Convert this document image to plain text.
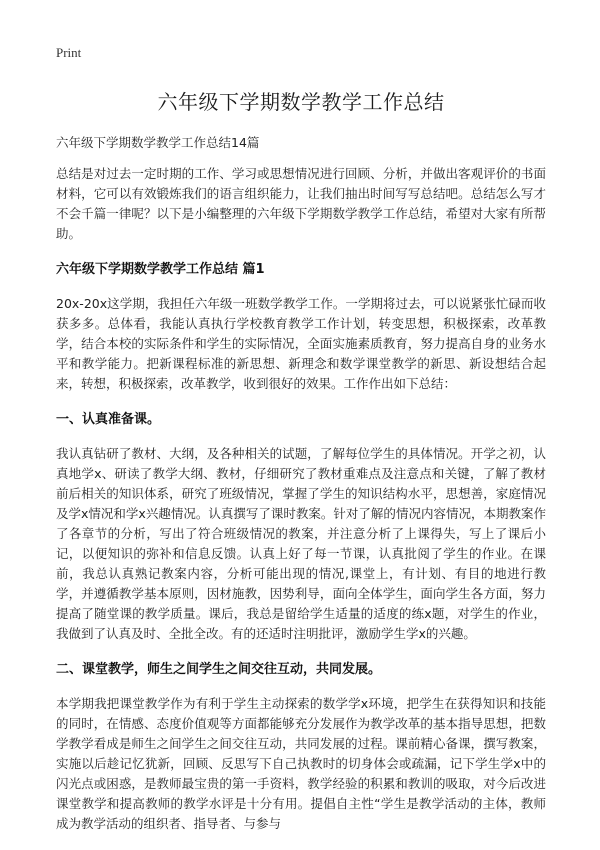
Print
六年级下学期数学教学工作总结
六年级下学期数学教学工作总结14篇

总结是对过去一定时期的工作、学习或思想情况进行回顾、分析，并做出客观评价的书面材料，它可以有效锻炼我们的语言组织能力，让我们抽出时间写写总结吧。总结怎么写才不会千篇一律呢？以下是小编整理的六年级下学期数学教学工作总结，希望对大家有所帮助。

六年级下学期数学教学工作总结 篇1

20x-20x这学期，我担任六年级一班数学教学工作。一学期将过去，可以说紧张忙碌而收获多多。总体看，我能认真执行学校教育教学工作计划，转变思想，积极探索，改革教学，结合本校的实际条件和学生的实际情况，全面实施素质教育，努力提高自身的业务水平和教学能力。把新课程标准的新思想、新理念和数学课堂教学的新思、新设想结合起来，转想，积极探索，改革教学，收到很好的效果。工作作出如下总结：

一、认真准备课。

我认真钻研了教材、大纲，及各种相关的试题，了解每位学生的具体情况。开学之初，认真地学x、研读了教学大纲、教材，仔细研究了教材重难点及注意点和关键，了解了教材前后相关的知识体系，研究了班级情况，掌握了学生的知识结构水平，思想善，家庭情况及学x情况和学x兴趣情况。认真撰写了课时教案。针对了解的情况内容情况，本期教案作了各章节的分析，写出了符合班级情况的教案，并注意分析了上课得失，写上了课后小记，以便知识的弥补和信息反馈。认真上好了每一节课，认真批阅了学生的作业。在课前，我总认真熟记教案内容，分析可能出现的情况,课堂上，有计划、有目的地进行教学，并遵循教学基本原则，因材施教，因势利导，面向全体学生，面向学生各方面，努力提高了随堂课的教学质量。课后，我总是留给学生适量的适度的练x题，对学生的作业，我做到了认真及时、全批全改。有的还适时注明批评，激励学生学x的兴趣。

二、课堂教学，师生之间学生之间交往互动，共同发展。

本学期我把课堂教学作为有利于学生主动探索的数学学x环境，把学生在获得知识和技能的同时，在情感、态度价值观等方面都能够充分发展作为教学改革的基本指导思想，把数学教学看成是师生之间学生之间交往互动，共同发展的过程。课前精心备课，撰写教案，实施以后趁记忆犹新，回顾、反思写下自己执教时的切身体会或疏漏，记下学生学x中的闪光点或困惑，是教师最宝贵的第一手资料，教学经验的积累和教训的吸取，对今后改进课堂教学和提高教师的教学水评是十分有用。提倡自主性“学生是教学活动的主体，教师成为教学活动的组织者、指导者、与参与
